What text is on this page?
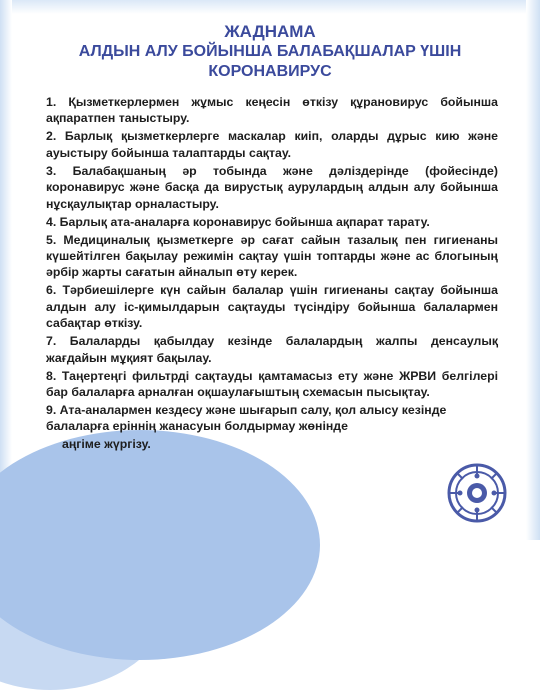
ЖАДНАМА
АЛДЫН АЛУ БОЙЫНША БАЛАБАҚШАЛАР ҮШІН
КОРОНАВИРУС
1. Қызметкерлермен жұмыс кеңесін өткізу құрановирус бойынша ақпаратпен таныстыру.
2. Барлық қызметкерлерге маскалар киіп, оларды дұрыс кию және ауыстыру бойынша талаптарды сақтау.
3. Балабақшаның әр тобында және дәліздерінде (фойесінде) коронавирус және басқа да вирустық аурулардың алдын алу бойынша нұсқаулықтар орналастыру.
4. Барлық ата-аналарға коронавирус бойынша ақпарат тарату.
5. Медициналық қызметкерге әр сағат сайын тазалық пен гигиенаны күшейтілген бақылау режимін сақтау үшін топтарды және ас блогының әрбір жарты сағатын айналып өту керек.
6. Тәрбиешілерге күн сайын балалар үшін гигиенаны сақтау бойынша алдын алу іс-қимылдарын сақтауды түсіндіру бойынша балалармен сабақтар өткізу.
7. Балаларды қабылдау кезінде балалардың жалпы денсаулық жағдайын мұқият бақылау.
8. Таңертеңгі фильтрді сақтауды қамтамасыз ету және ЖРВИ белгілері бар балаларға арналған оқшаулағыштың схемасын пысықтау.
9. Ата-аналармен кездесу және шығарып салу, қол алысу кезінде балаларға ерiннiң жанасуын болдырмау жөнінде
аңгіме жүргізу.
